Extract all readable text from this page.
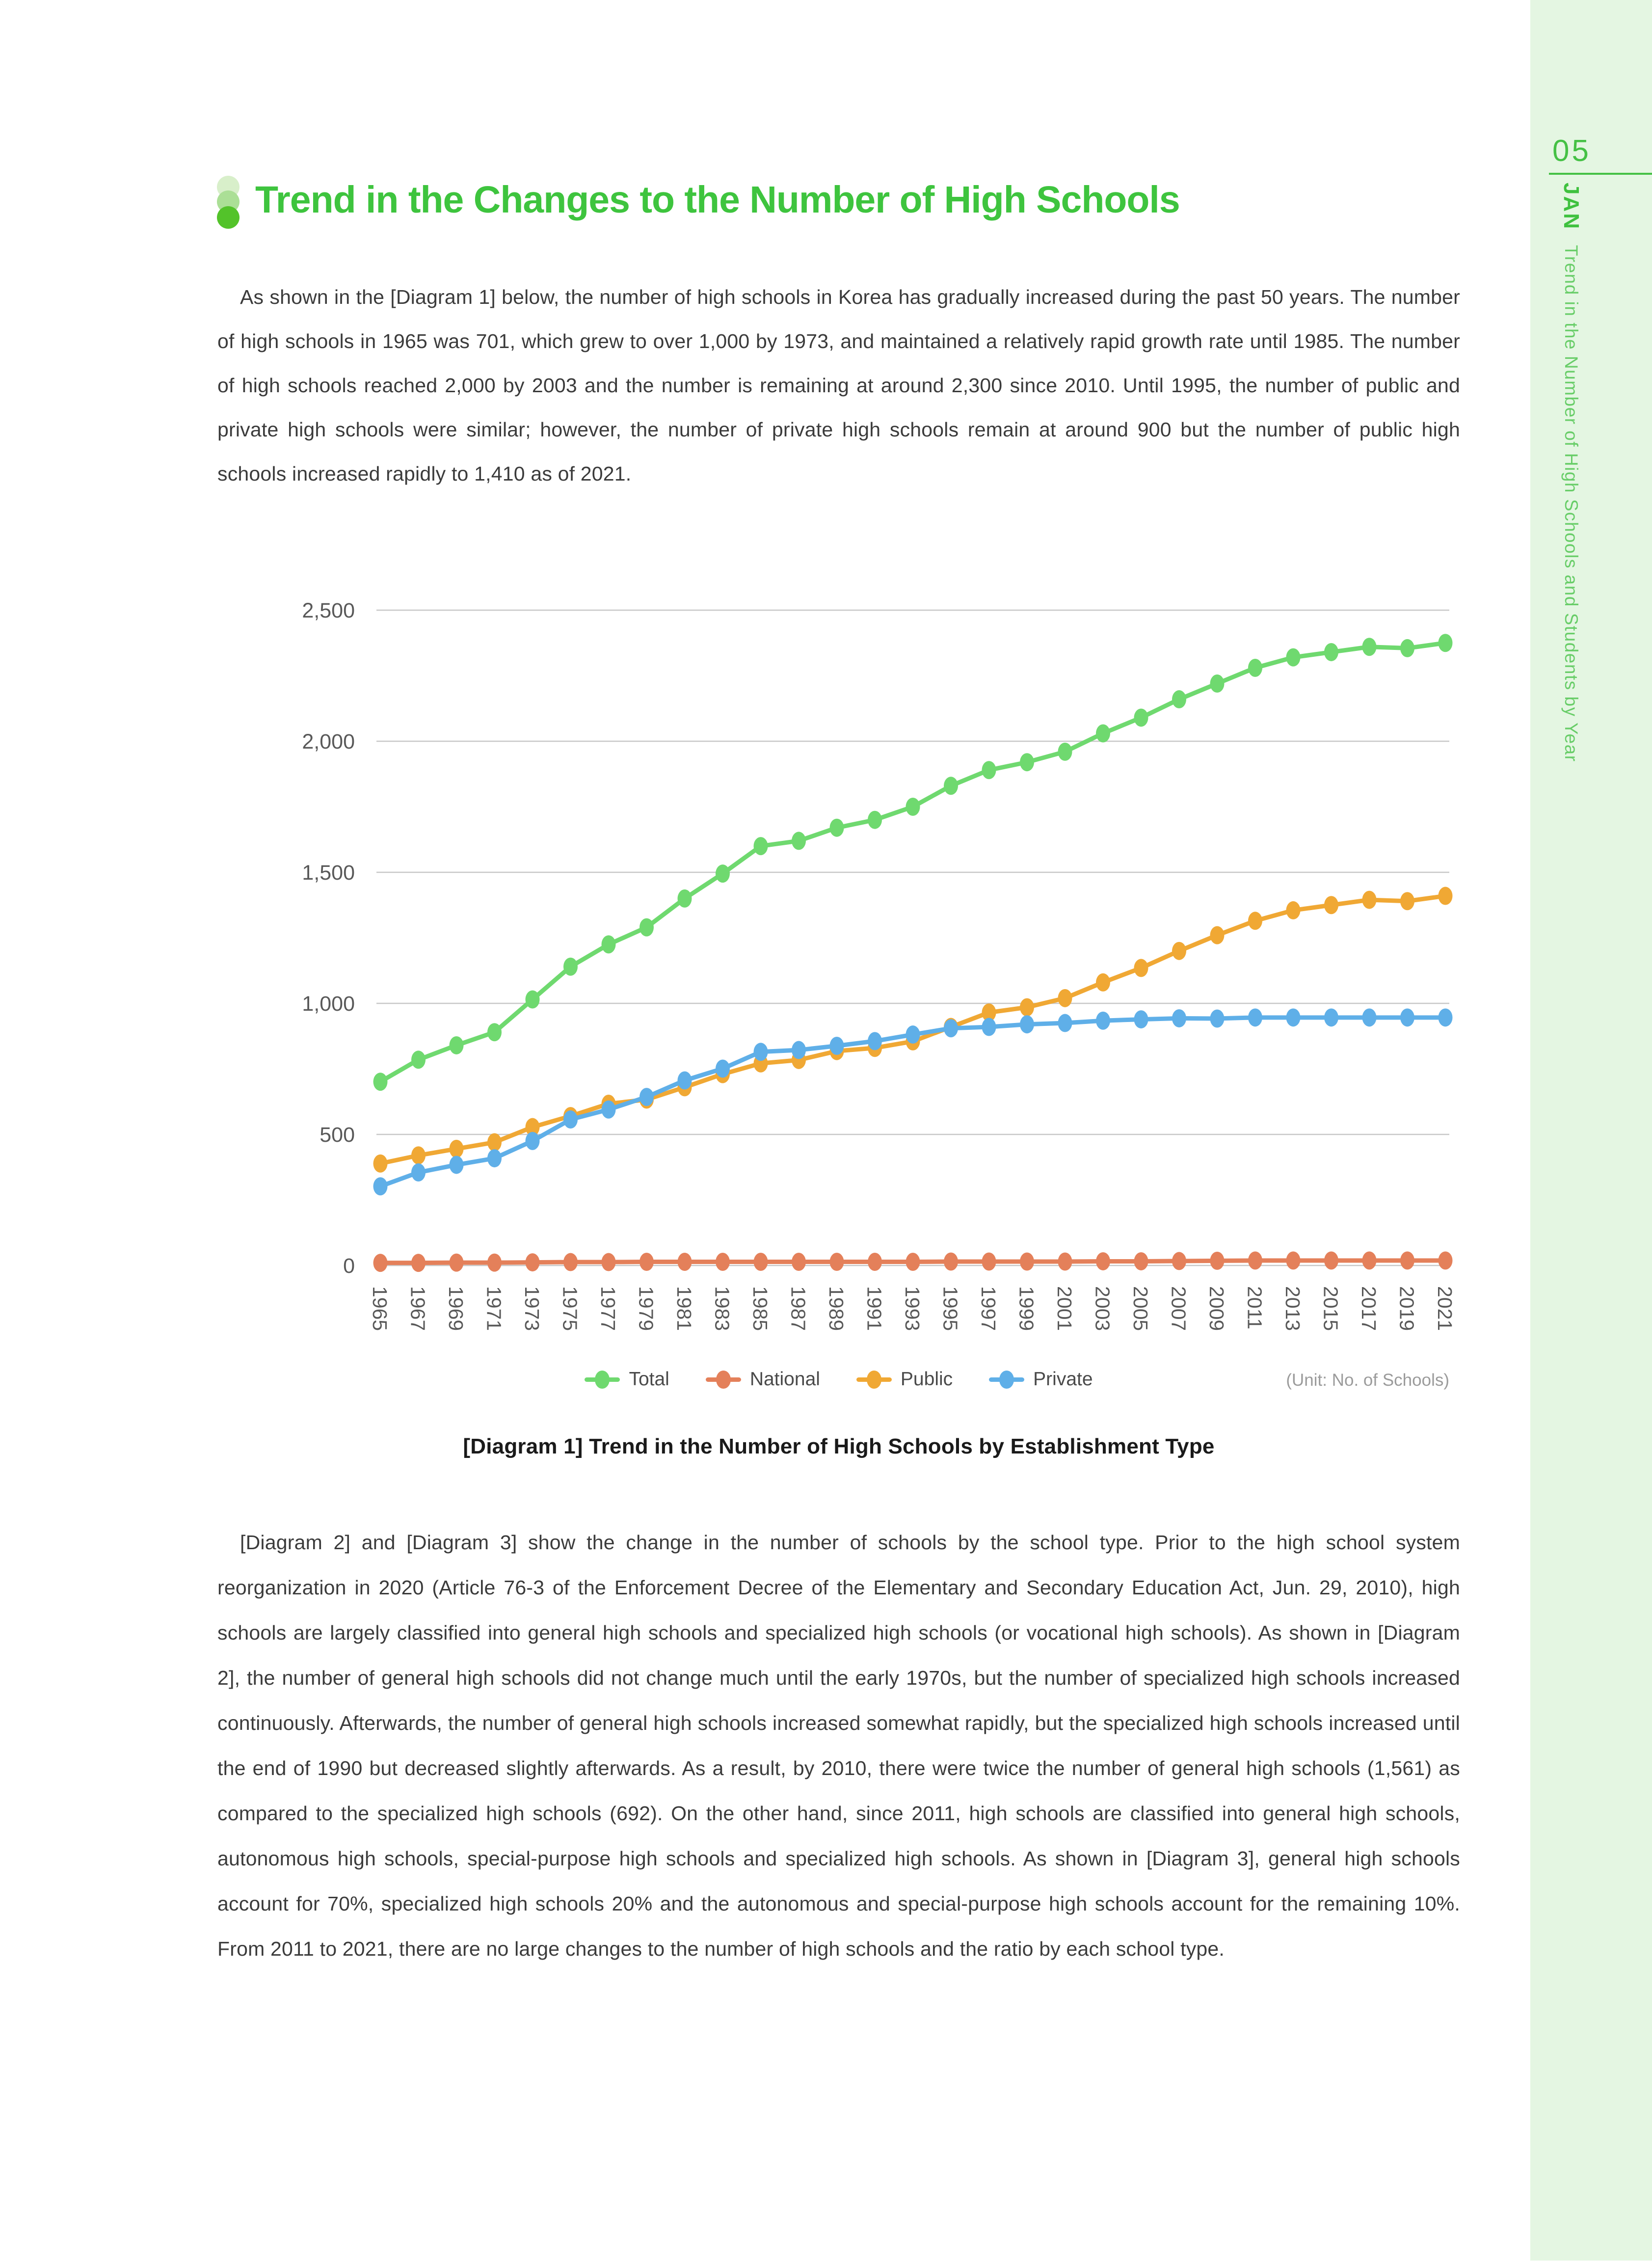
05
JANTrend in the Number of High Schools and Students by Year
Trend in the Changes to the Number of High Schools
As shown in the [Diagram 1] below, the number of high schools in Korea has gradually increased during the past 50 years. The number of high schools in 1965 was 701, which grew to over 1,000 by 1973, and maintained a relatively rapid growth rate until 1985. The number of high schools reached 2,000 by 2003 and the number is remaining at around 2,300 since 2010. Until 1995, the number of public and private high schools were similar; however, the number of private high schools remain at around 900 but the number of public high schools increased rapidly to 1,410 as of 2021.
2,500
2,000
1,500
1,000
500
0
1965 1967 1969 1971 1973 1975 1977 1979 1981 1983 1985 1987 1989 1991 1993 1995 1997 1999 2001 2003 2005 2007 2009 2011 2013 2015 2017 2019 2021
Total	National	Public	Private	(Unit: No. of Schools)
[Diagram 1] Trend in the Number of High Schools by Establishment Type
[Diagram 2] and [Diagram 3] show the change in the number of schools by the school type. Prior to the high school system reorganization in 2020 (Article 76-3 of the Enforcement Decree of the Elementary and Secondary Education Act, Jun. 29, 2010), high schools are largely classified into general high schools and specialized high schools (or vocational high schools). As shown in [Diagram 2], the number of general high schools did not change much until the early 1970s, but the number of specialized high schools increased continuously. Afterwards, the number of general high schools increased somewhat rapidly, but the specialized high schools increased until the end of 1990 but decreased slightly afterwards. As a result, by 2010, there were twice the number of general high schools (1,561) as compared to the specialized high schools (692). On the other hand, since 2011, high schools are classified into general high schools, autonomous high schools, special-purpose high schools and specialized high schools. As shown in [Diagram 3], general high schools account for 70%, specialized high schools 20% and the autonomous and special-purpose high schools account for the remaining 10%. From 2011 to 2021, there are no large changes to the number of high schools and the ratio by each school type.
